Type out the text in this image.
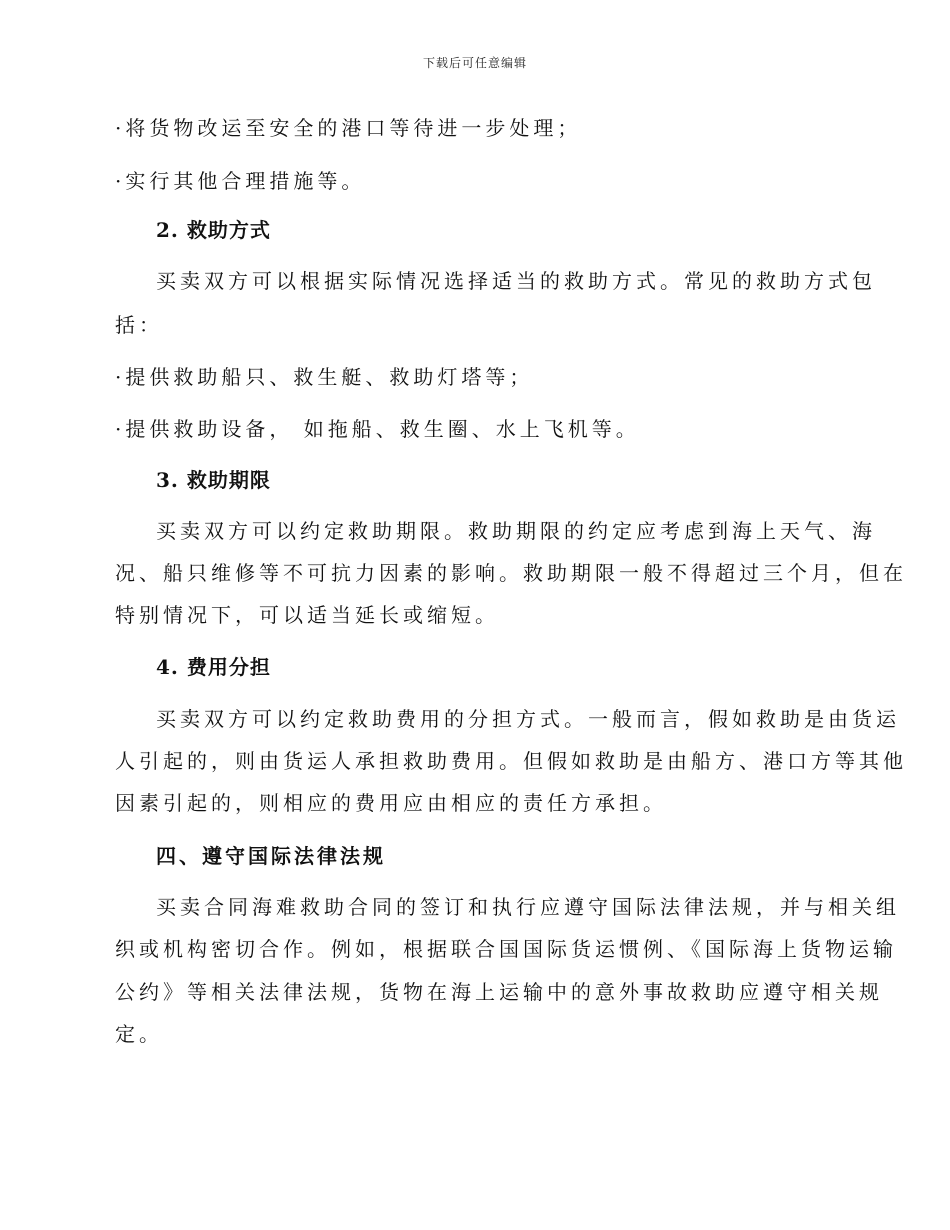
下载后可任意编辑
·将货物改运至安全的港口等待进一步处理；
·实行其他合理措施等。
2. 救助方式
买卖双方可以根据实际情况选择适当的救助方式。常见的救助方式包
括：
·提供救助船只、救生艇、救助灯塔等；
·提供救助设备， 如拖船、救生圈、水上飞机等。
3. 救助期限
买卖双方可以约定救助期限。救助期限的约定应考虑到海上天气、海
况、船只维修等不可抗力因素的影响。救助期限一般不得超过三个月，但在
特别情况下，可以适当延长或缩短。
4. 费用分担
买卖双方可以约定救助费用的分担方式。一般而言，假如救助是由货运
人引起的，则由货运人承担救助费用。但假如救助是由船方、港口方等其他
因素引起的，则相应的费用应由相应的责任方承担。
四、遵守国际法律法规
买卖合同海难救助合同的签订和执行应遵守国际法律法规，并与相关组
织或机构密切合作。例如，根据联合国国际货运惯例、《国际海上货物运输
公约》等相关法律法规，货物在海上运输中的意外事故救助应遵守相关规
定。
